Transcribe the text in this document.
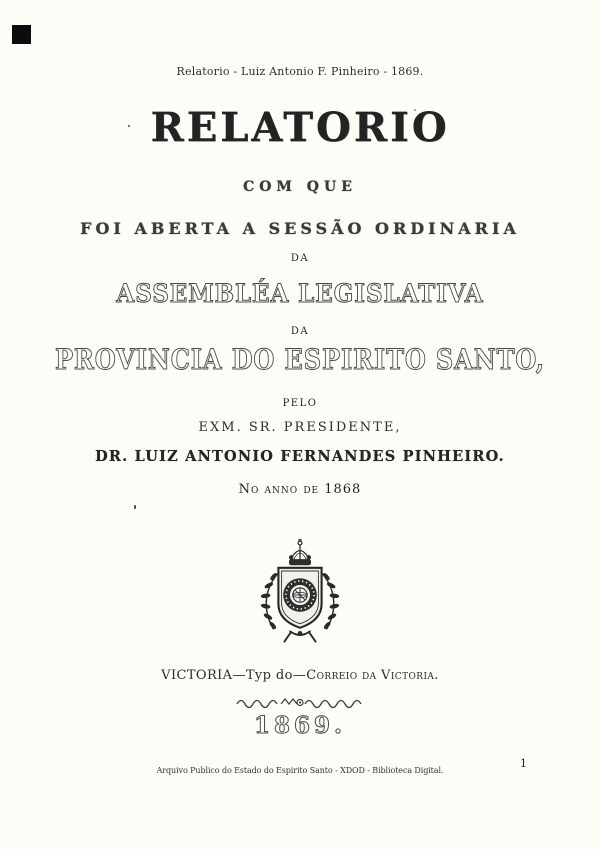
Relatorio - Luiz Antonio F. Pinheiro - 1869.
RELATORIO
COM QUE
FOI ABERTA A SESSÃO ORDINARIA
DA
ASSEMBLÉA LEGISLATIVA
DA
PROVINCIA DO ESPIRITO SANTO,
PELO
EXM. SR. PRESIDENTE,
DR. LUIZ ANTONIO FERNANDES PINHEIRO.
No anno de 1868
VICTORIA—Typ do—Correio da Victoria.
1869.
Arquivo Publico do Estado do Espirito Santo - XDOD - Biblioteca Digital.
1
